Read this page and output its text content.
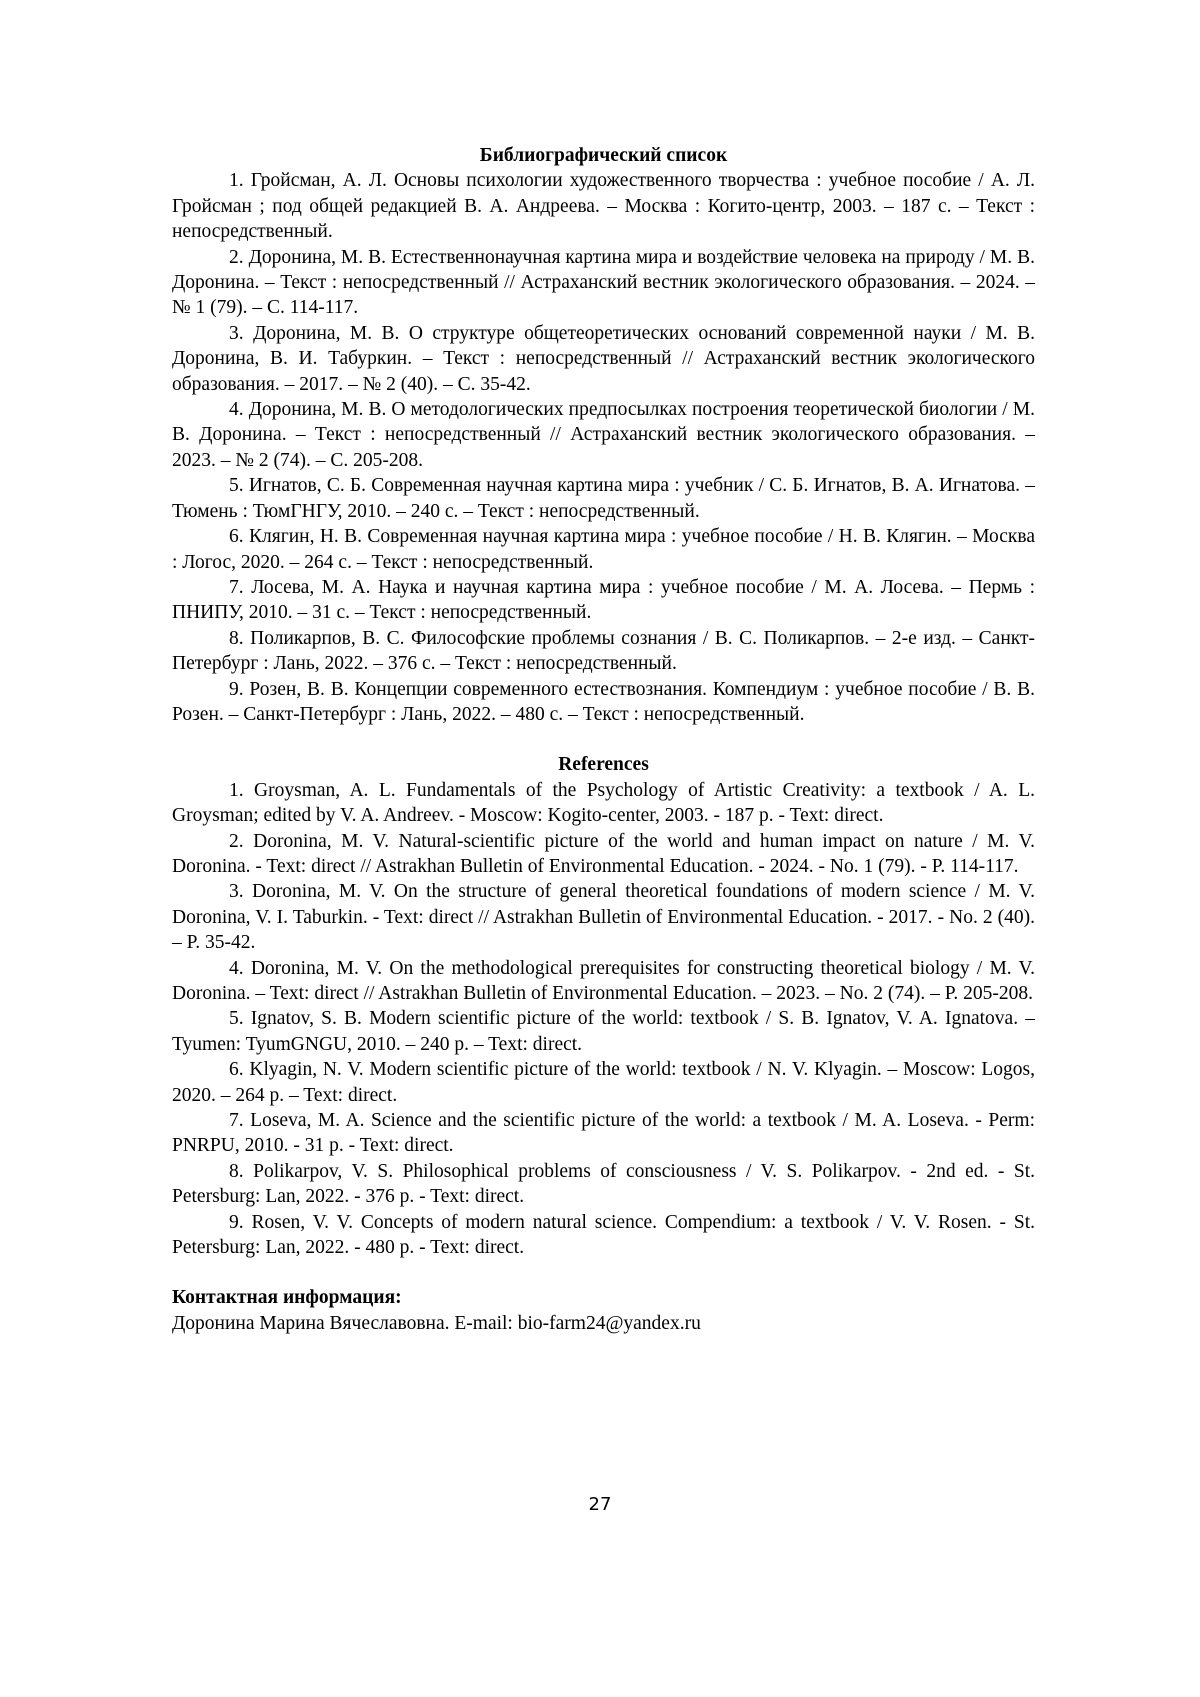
Библиографический список

1. Гройсман, А. Л. Основы психологии художественного творчества : учебное пособие / А. Л. Гройсман ; под общей редакцией В. А. Андреева. – Москва : Когито-центр, 2003. – 187 с. – Текст : непосредственный.

2. Доронина, М. В. Естественнонаучная картина мира и воздействие человека на природу / М. В. Доронина. – Текст : непосредственный // Астраханский вестник экологического образования. – 2024. – № 1 (79). – С. 114-117.

3. Доронина, М. В. О структуре общетеоретических оснований современной науки / М. В. Доронина, В. И. Табуркин. – Текст : непосредственный // Астраханский вестник экологического образования. – 2017. – № 2 (40). – С. 35-42.

4. Доронина, М. В. О методологических предпосылках построения теоретической биологии / М. В. Доронина. – Текст : непосредственный // Астраханский вестник экологического образования. – 2023. – № 2 (74). – С. 205-208.

5. Игнатов, С. Б. Современная научная картина мира : учебник / С. Б. Игнатов, В. А. Игнатова. – Тюмень : ТюмГНГУ, 2010. – 240 с. – Текст : непосредственный.

6. Клягин, Н. В. Современная научная картина мира : учебное пособие / Н. В. Клягин. – Москва : Логос, 2020. – 264 с. – Текст : непосредственный.

7. Лосева, М. А. Наука и научная картина мира : учебное пособие / М. А. Лосева. – Пермь : ПНИПУ, 2010. – 31 с. – Текст : непосредственный.

8. Поликарпов, В. С. Философские проблемы сознания / В. С. Поликарпов. – 2-е изд. – Санкт-Петербург : Лань, 2022. – 376 с. – Текст : непосредственный.

9. Розен, В. В. Концепции современного естествознания. Компендиум : учебное пособие / В. В. Розен. – Санкт-Петербург : Лань, 2022. – 480 с. – Текст : непосредственный.

References

1. Groysman, A. L. Fundamentals of the Psychology of Artistic Creativity: a textbook / A. L. Groysman; edited by V. A. Andreev. - Moscow: Kogito-center, 2003. - 187 p. - Text: direct.

2. Doronina, M. V. Natural-scientific picture of the world and human impact on nature / M. V. Doronina. - Text: direct // Astrakhan Bulletin of Environmental Education. - 2024. - No. 1 (79). - P. 114-117.

3. Doronina, M. V. On the structure of general theoretical foundations of modern science / M. V. Doronina, V. I. Taburkin. - Text: direct // Astrakhan Bulletin of Environmental Education. - 2017. - No. 2 (40). – P. 35-42.

4. Doronina, M. V. On the methodological prerequisites for constructing theoretical biology / M. V. Doronina. – Text: direct // Astrakhan Bulletin of Environmental Education. – 2023. – No. 2 (74). – P. 205-208.

5. Ignatov, S. B. Modern scientific picture of the world: textbook / S. B. Ignatov, V. A. Ignatova. – Tyumen: TyumGNGU, 2010. – 240 p. – Text: direct.

6. Klyagin, N. V. Modern scientific picture of the world: textbook / N. V. Klyagin. – Moscow: Logos, 2020. – 264 p. – Text: direct.

7. Loseva, M. A. Science and the scientific picture of the world: a textbook / M. A. Loseva. - Perm: PNRPU, 2010. - 31 p. - Text: direct.

8. Polikarpov, V. S. Philosophical problems of consciousness / V. S. Polikarpov. - 2nd ed. - St. Petersburg: Lan, 2022. - 376 p. - Text: direct.

9. Rosen, V. V. Concepts of modern natural science. Compendium: a textbook / V. V. Rosen. - St. Petersburg: Lan, 2022. - 480 p. - Text: direct.

Контактная информация:

Доронина Марина Вячеславовна. E-mail: bio-farm24@yandex.ru

27
